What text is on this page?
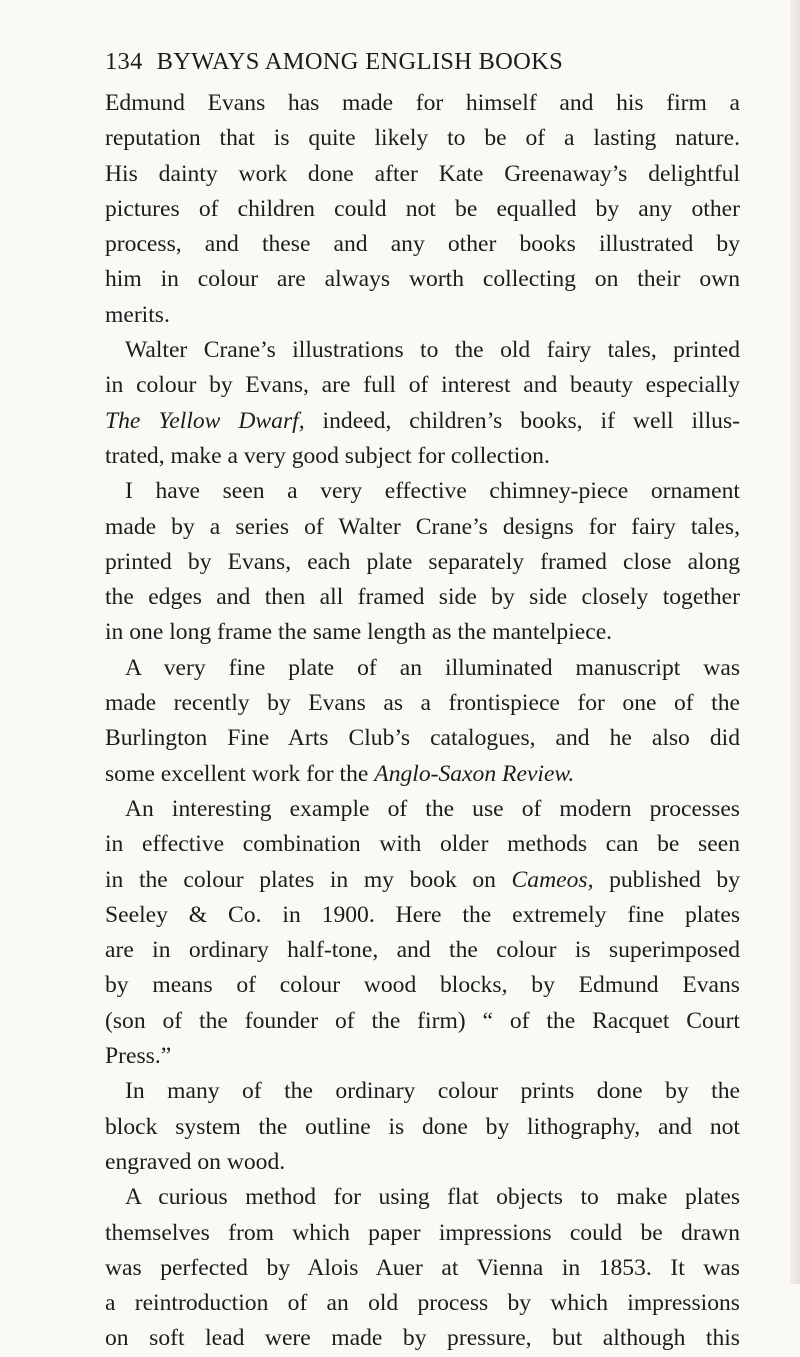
134 BYWAYS AMONG ENGLISH BOOKS
Edmund Evans has made for himself and his firm a
reputation that is quite likely to be of a lasting nature.
His dainty work done after Kate Greenaway’s delightful
pictures of children could not be equalled by any other
process, and these and any other books illustrated by
him in colour are always worth collecting on their own
merits.
Walter Crane’s illustrations to the old fairy tales, printed
in colour by Evans, are full of interest and beauty especially
The Yellow Dwarf, indeed, children’s books, if well illus-
trated, make a very good subject for collection.
I have seen a very effective chimney-piece ornament
made by a series of Walter Crane’s designs for fairy tales,
printed by Evans, each plate separately framed close along
the edges and then all framed side by side closely together
in one long frame the same length as the mantelpiece.
A very fine plate of an illuminated manuscript was
made recently by Evans as a frontispiece for one of the
Burlington Fine Arts Club’s catalogues, and he also did
some excellent work for the Anglo-Saxon Review.
An interesting example of the use of modern processes
in effective combination with older methods can be seen
in the colour plates in my book on Cameos, published by
Seeley & Co. in 1900. Here the extremely fine plates
are in ordinary half-tone, and the colour is superimposed
by means of colour wood blocks, by Edmund Evans
(son of the founder of the firm) “ of the Racquet Court
Press.”
In many of the ordinary colour prints done by the
block system the outline is done by lithography, and not
engraved on wood.
A curious method for using flat objects to make plates
themselves from which paper impressions could be drawn
was perfected by Alois Auer at Vienna in 1853. It was
a reintroduction of an old process by which impressions
on soft lead were made by pressure, but although this
